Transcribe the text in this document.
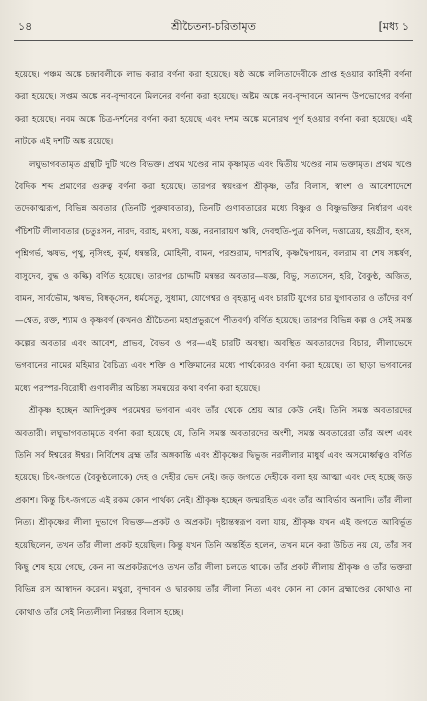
১৪	শ্রীচৈতন্য-চরিতামৃত	[মধ্য ১

হয়েছে। পঞ্চম অঙ্কে চন্দ্রাবলীকে লাভ করার বর্ণনা করা হয়েছে। ষষ্ঠ অঙ্কে ললিতাদেবীকে প্রাপ্ত হওয়ার কাহিনী বর্ণনা করা হয়েছে। সপ্তম অঙ্কে নব-বৃন্দাবনে মিলনের বর্ণনা করা হয়েছে। অষ্টম অঙ্কে নব-বৃন্দাবনে আনন্দ উপভোগের বর্ণনা করা হয়েছে। নবম অঙ্কে চিত্র-দর্শনের বর্ণনা করা হয়েছে এবং দশম অঙ্কে মনোরথ পূর্ণ হওয়ার বর্ণনা করা হয়েছে। এই নাটকে এই দশটি অঙ্ক রয়েছে।

লঘুভাগবতামৃত গ্রন্থটি দুটি খণ্ডে বিভক্ত। প্রথম খণ্ডের নাম কৃষ্ণামৃত এবং দ্বিতীয় খণ্ডের নাম ভক্তামৃত। প্রথম খণ্ডে বৈদিক শব্দ প্রমাণের গুরুত্ব বর্ণনা করা হয়েছে। তারপর স্বয়ংরূপ শ্রীকৃষ্ণ, তাঁর বিলাস, স্বাংশ ও আবেশাদেশে তদেকাত্মরূপ, বিভিন্ন অবতার (তিনটি পুরুষাবতার), তিনটি গুণাবতারের মধ্যে বিষ্ণুর ও বিষ্ণুভক্তির নির্ধারণ এবং পঁচিশটি লীলাবতার (চতুঃসন, নারদ, বরাহ, মৎস্য, যজ্ঞ, নরনারায়ণ ঋষি, দেবহুতি-পুত্র কপিল, দত্তাত্রেয়, হয়গ্রীব, হংস, পৃশ্নিগর্ভ, ঋষভ, পৃথু, নৃসিংহ, কূর্ম, ধন্বন্তরি, মোহিনী, বামন, পরশুরাম, দাশরথি, কৃষ্ণদ্বৈপায়ন, বলরাম বা শেষ সঙ্কর্ষণ, বাসুদেব, বুদ্ধ ও কল্কি) বর্ণিত হয়েছে। তারপর চোদ্দটি মন্বন্তর অবতার—যজ্ঞ, বিভু, সত্যসেন, হরি, বৈকুণ্ঠ, অজিত, বামন, সার্বভৌম, ঋষভ, বিষ্বক্‌সেন, ধর্মসেতু, সুধামা, যোগেশ্বর ও বৃহদ্ভানু এবং চারটি যুগের চার যুগাবতার ও তাঁদের বর্ণ—শ্বেত, রক্ত, শ্যাম ও কৃষ্ণবর্ণ (কখনও শ্রীচৈতন্য মহাপ্রভুরূপে পীতবর্ণ) বর্ণিত হয়েছে। তারপর বিভিন্ন কল্প ও সেই সমস্ত কল্পের অবতার এবং আবেশ, প্রাভব, বৈভব ও পর—এই চারটি অবস্থা। অবস্থিত অবতারদের বিচার, লীলাভেদে ভগবানের নামের মহিমার বৈচিত্র্য এবং শক্তি ও শক্তিমানের মধ্যে পার্থক্যেরও বর্ণনা করা হয়েছে। তা ছাড়া ভগবানের মধ্যে পরস্পর-বিরোধী গুণাবলীর অচিন্ত্য সমন্বয়ের কথা বর্ণনা করা হয়েছে।

শ্রীকৃষ্ণ হচ্ছেন আদিপুরুষ পরমেশ্বর ভগবান এবং তাঁর থেকে শ্রেয় আর কেউ নেই। তিনি সমস্ত অবতারদের অবতারী। লঘুভাগবতামৃতে বর্ণনা করা হয়েছে যে, তিনি সমস্ত অবতারদের অংশী, সমস্ত অবতারেরা তাঁর অংশ এবং তিনি সর্ব ঈশ্বরের ঈশ্বর। নির্বিশেষ ব্রহ্ম তাঁর অঙ্গকান্তি এবং শ্রীকৃষ্ণের দ্বিভুজ নরলীলার মাধুর্য এবং অসমোর্ধ্বত্বও বর্ণিত হয়েছে। চিৎ-জগতে (বৈকুণ্ঠলোকে) দেহ ও দেহীর ভেদ নেই। জড় জগতে দেহীকে বলা হয় আত্মা এবং দেহ হচ্ছে জড় প্রকাশ। কিন্তু চিৎ-জগতে এই রকম কোন পার্থক্য নেই। শ্রীকৃষ্ণ হচ্ছেন জন্মরহিত এবং তাঁর আবির্ভাব অনাদি। তাঁর লীলা নিত্য। শ্রীকৃষ্ণের লীলা দুভাগে বিভক্ত—প্রকট ও অপ্রকট। দৃষ্টান্তস্বরূপ বলা যায়, শ্রীকৃষ্ণ যখন এই জগতে আবির্ভূত হয়েছিলেন, তখন তাঁর লীলা প্রকট হয়েছিল। কিন্তু যখন তিনি অন্তর্হিত হলেন, তখন মনে করা উচিত নয় যে, তাঁর সব কিছু শেষ হয়ে গেছে, কেন না অপ্রকটরূপেও তখন তাঁর লীলা চলতে থাকে। তাঁর প্রকট লীলায় শ্রীকৃষ্ণ ও তাঁর ভক্তরা বিভিন্ন রস আস্বাদন করেন। মথুরা, বৃন্দাবন ও দ্বারকায় তাঁর লীলা নিত্য এবং কোন না কোন ব্রহ্মাণ্ডের কোথাও না কোথাও তাঁর সেই নিত্যলীলা নিরন্তর বিলাস হচ্ছে।
